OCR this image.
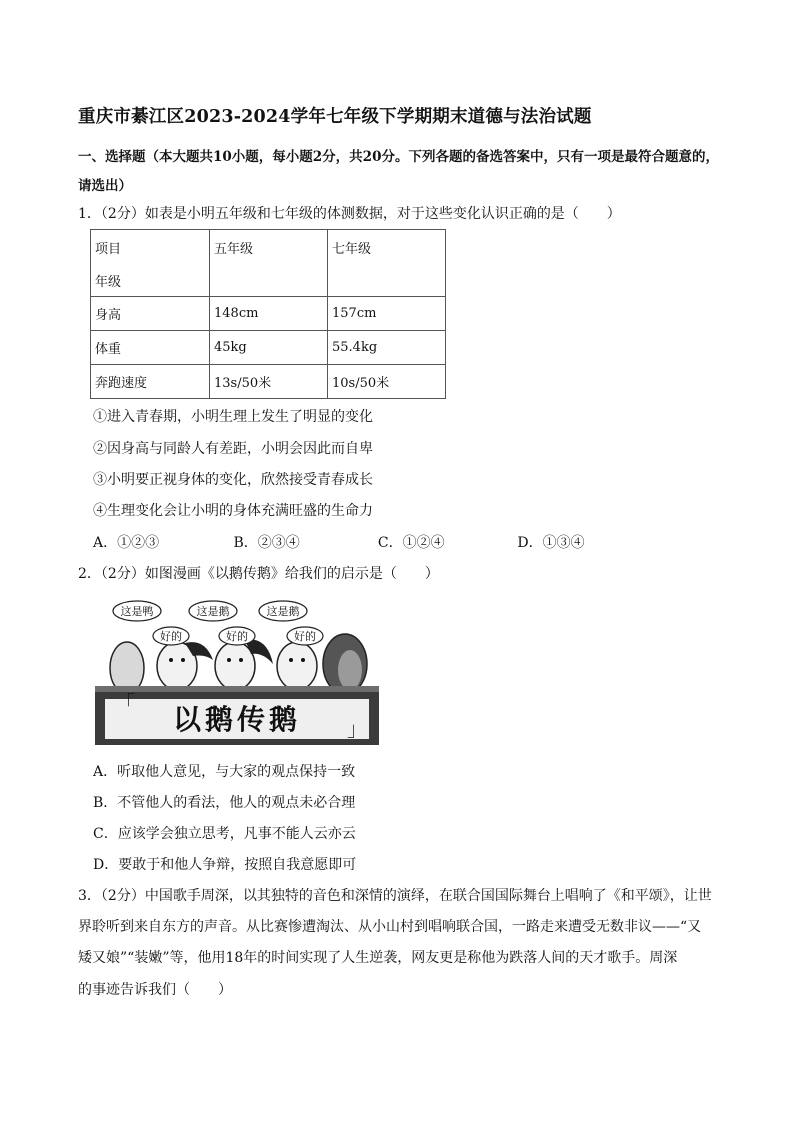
重庆市綦江区2023-2024学年七年级下学期期末道德与法治试题
一、选择题（本大题共10小题，每小题2分，共20分。下列各题的备选答案中，只有一项是最符合题意的，请选出）
1．（2分）如表是小明五年级和七年级的体测数据，对于这些变化认识正确的是（　　）
项目
年级	五年级	七年级

身高	148cm	157cm
体重	45kg	55.4kg
奔跑速度	13s/50米	10s/50米
①进入青春期，小明生理上发生了明显的变化
②因身高与同龄人有差距，小明会因此而自卑
③小明要正视身体的变化，欣然接受青春成长
④生理变化会让小明的身体充满旺盛的生命力
A．①②③	B．②③④	C．①②④	D．①③④
2．（2分）如图漫画《以鹅传鹅》给我们的启示是（　　）
这是鸭	这是鹅	这是鹅
好的	好的	好的
「
」
以鹅传鹅
A．听取他人意见，与大家的观点保持一致
B．不管他人的看法，他人的观点未必合理
C．应该学会独立思考，凡事不能人云亦云
D．要敢于和他人争辩，按照自我意愿即可
3．（2分）中国歌手周深，以其独特的音色和深情的演绎，在联合国国际舞台上唱响了《和平颂》，让世
界聆听到来自东方的声音。从比赛惨遭淘汰、从小山村到唱响联合国，一路走来遭受无数非议——“又
矮又娘”“装嫩”等，他用18年的时间实现了人生逆袭，网友更是称他为跌落人间的天才歌手。周深
的事迹告诉我们（　　）
